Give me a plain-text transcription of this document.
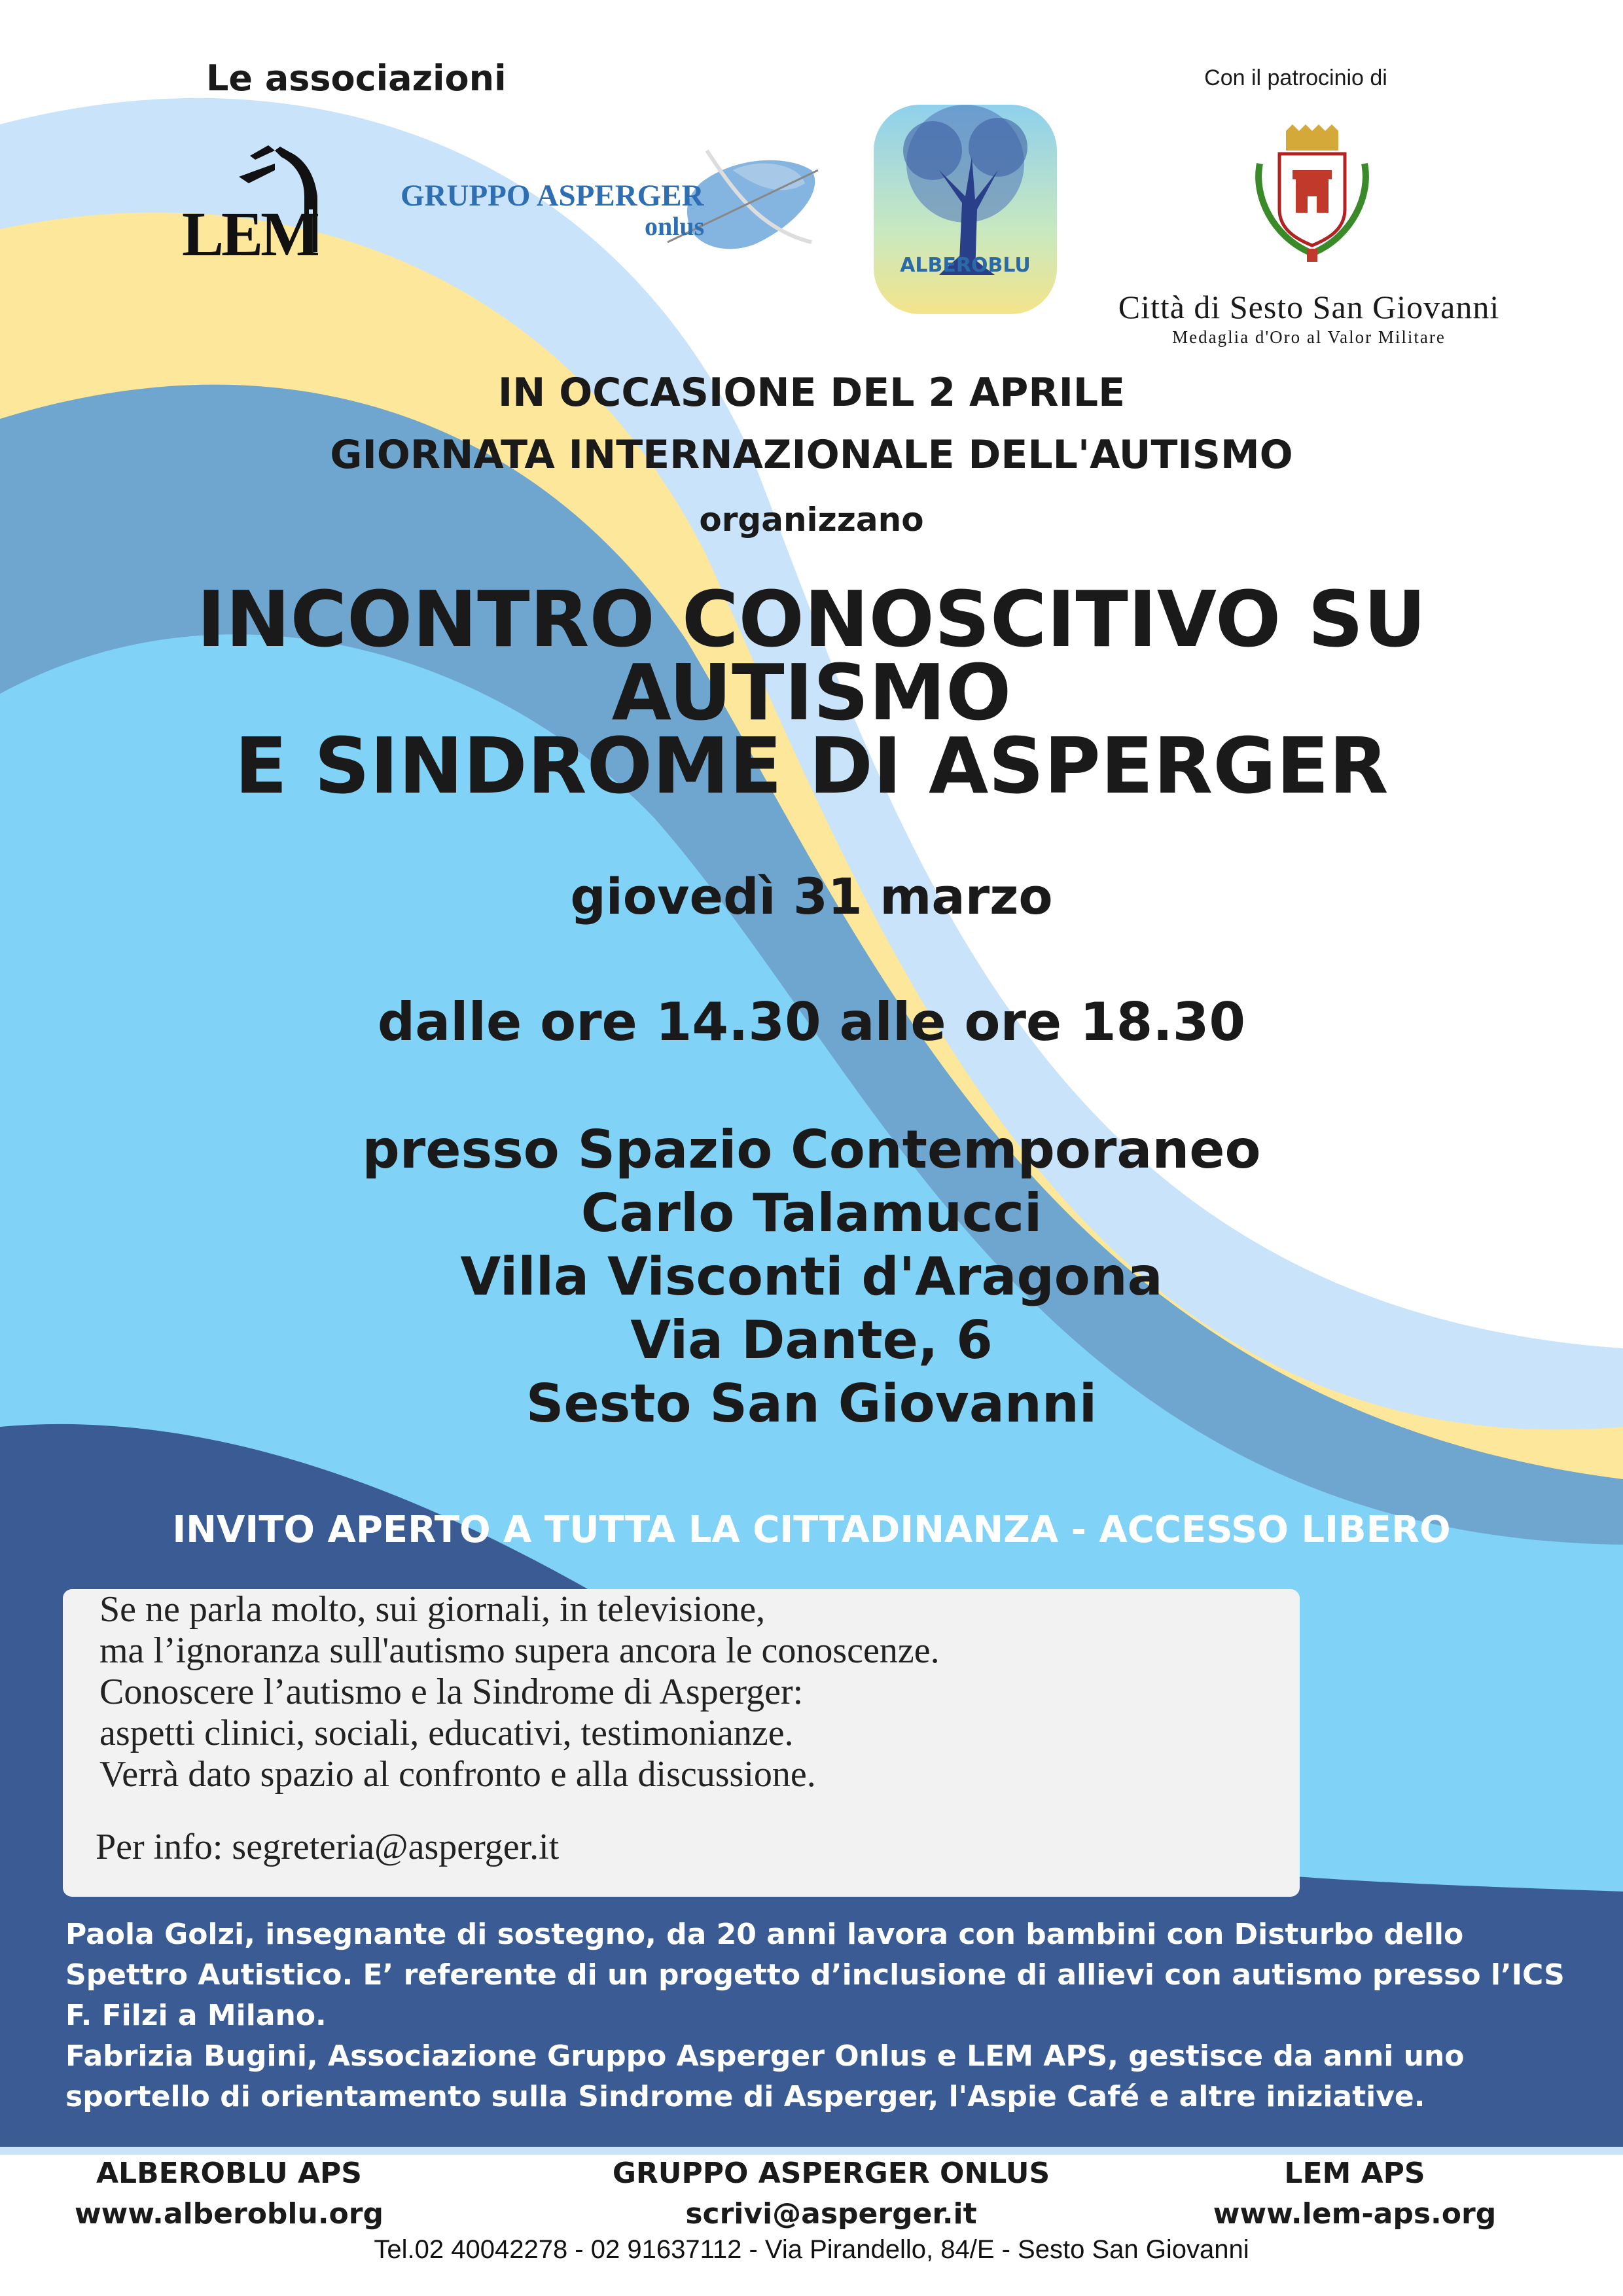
Le associazioni	Con il patrocinio di
LEM
GRUPPO ASPERGER
onlus
ALBEROBLU
Città di Sesto San Giovanni
Medaglia d'Oro al Valor Militare
IN OCCASIONE DEL 2 APRILE
GIORNATA INTERNAZIONALE DELL'AUTISMO
organizzano
INCONTRO CONOSCITIVO SU
AUTISMO
E SINDROME DI ASPERGER
giovedì 31 marzo
dalle ore 14.30 alle ore 18.30
presso Spazio Contemporaneo
Carlo Talamucci
Villa Visconti d'Aragona
Via Dante, 6
Sesto San Giovanni
INVITO APERTO A TUTTA LA CITTADINANZA - ACCESSO LIBERO
Se ne parla molto, sui giornali, in televisione,
ma l’ignoranza sull'autismo supera ancora le conoscenze.
Conoscere l’autismo e la Sindrome di Asperger:
aspetti clinici, sociali, educativi, testimonianze.
Verrà dato spazio al confronto e alla discussione.
Per info: segreteria@asperger.it
Paola Golzi, insegnante di sostegno, da 20 anni lavora con bambini con Disturbo dello Spettro Autistico. E’ referente di un progetto d’inclusione di allievi con autismo presso l’ICS F. Filzi a Milano.
Fabrizia Bugini, Associazione Gruppo Asperger Onlus e LEM APS, gestisce da anni uno sportello di orientamento sulla Sindrome di Asperger, l'Aspie Café e altre iniziative.
ALBEROBLU APS
www.alberoblu.org
GRUPPO ASPERGER ONLUS
scrivi@asperger.it
LEM APS
www.lem-aps.org
Tel.02 40042278 - 02 91637112 - Via Pirandello, 84/E - Sesto San Giovanni
